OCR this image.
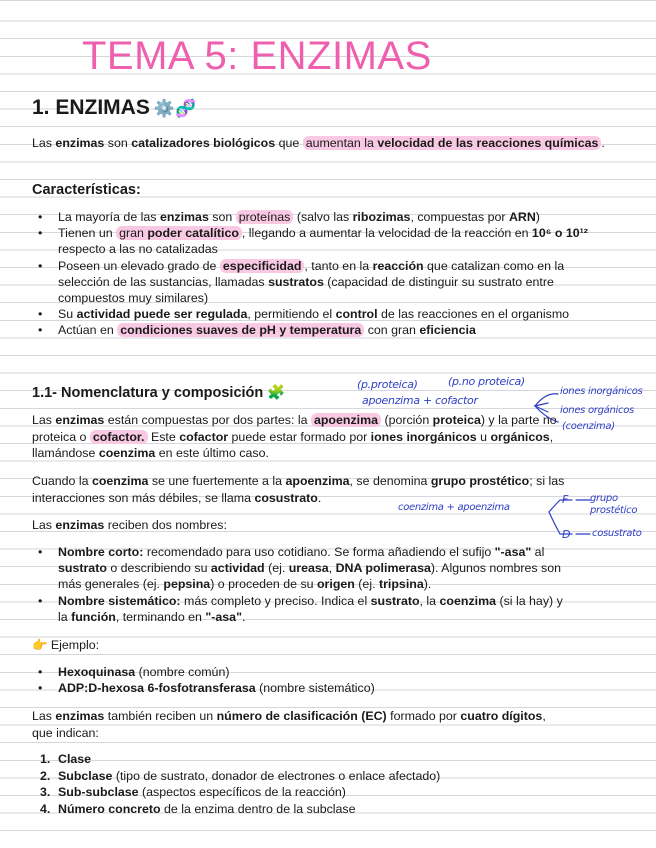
TEMA 5: ENZIMAS
1. ENZIMAS ⚙️🧬
Las enzimas son catalizadores biológicos que aumentan la velocidad de las reacciones químicas .
Características:
• La mayoría de las enzimas son proteínas (salvo las ribozimas, compuestas por ARN)
• Tienen un gran poder catalítico , llegando a aumentar la velocidad de la reacción en 10⁶ o 10¹² respecto a las no catalizadas
• Poseen un elevado grado de especificidad , tanto en la reacción que catalizan como en la selección de las sustancias, llamadas sustratos (capacidad de distinguir su sustrato entre compuestos muy similares)
• Su actividad puede ser regulada, permitiendo el control de las reacciones en el organismo
• Actúan en condiciones suaves de pH y temperatura con gran eficiencia
1.1- Nomenclatura y composición 🧩
Las enzimas están compuestas por dos partes: la apoenzima (porción proteica) y la parte no proteica o cofactor. Este cofactor puede estar formado por iones inorgánicos u orgánicos, llamándose coenzima en este último caso.
Cuando la coenzima se une fuertemente a la apoenzima, se denomina grupo prostético; si las interacciones son más débiles, se llama cosustrato.
Las enzimas reciben dos nombres:
• Nombre corto: recomendado para uso cotidiano. Se forma añadiendo el sufijo "-asa" al sustrato o describiendo su actividad (ej. ureasa, DNA polimerasa). Algunos nombres son más generales (ej. pepsina) o proceden de su origen (ej. tripsina).
• Nombre sistemático: más completo y preciso. Indica el sustrato, la coenzima (si la hay) y la función, terminando en "-asa".
👉 Ejemplo:
• Hexoquinasa (nombre común)
• ADP:D-hexosa 6-fosfotransferasa (nombre sistemático)
Las enzimas también reciben un número de clasificación (EC) formado por cuatro dígitos, que indican:
1. Clase
2. Subclase (tipo de sustrato, donador de electrones o enlace afectado)
3. Sub-subclase (aspectos específicos de la reacción)
4. Número concreto de la enzima dentro de la subclase
(p.proteica)	(p.no proteica)
apoenzima + cofactor
iones inorgánicos
iones orgánicos
(coenzima)
coenzima + apoenzima
F grupo prostético
D cosustrato
